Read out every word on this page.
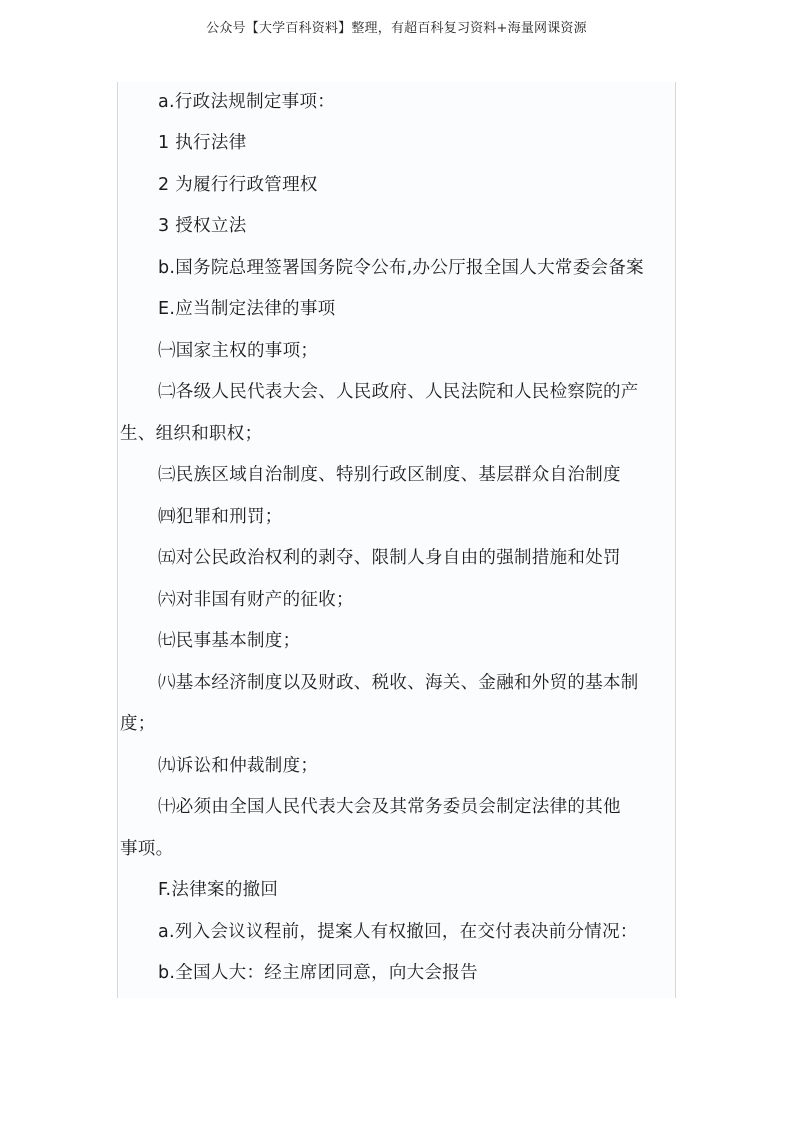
公众号【大学百科资料】整理，有超百科复习资料+海量网课资源
a.行政法规制定事项：
1 执行法律
2 为履行行政管理权
3 授权立法
b.国务院总理签署国务院令公布,办公厅报全国人大常委会备案
E.应当制定法律的事项
㈠国家主权的事项；
㈡各级人民代表大会、人民政府、人民法院和人民检察院的产
生、组织和职权；
㈢民族区域自治制度、特别行政区制度、基层群众自治制度
㈣犯罪和刑罚；
㈤对公民政治权利的剥夺、限制人身自由的强制措施和处罚
㈥对非国有财产的征收；
㈦民事基本制度；
㈧基本经济制度以及财政、税收、海关、金融和外贸的基本制
度；
㈨诉讼和仲裁制度；
㈩必须由全国人民代表大会及其常务委员会制定法律的其他
事项。
F.法律案的撤回
a.列入会议议程前，提案人有权撤回，在交付表决前分情况：
b.全国人大：经主席团同意，向大会报告
